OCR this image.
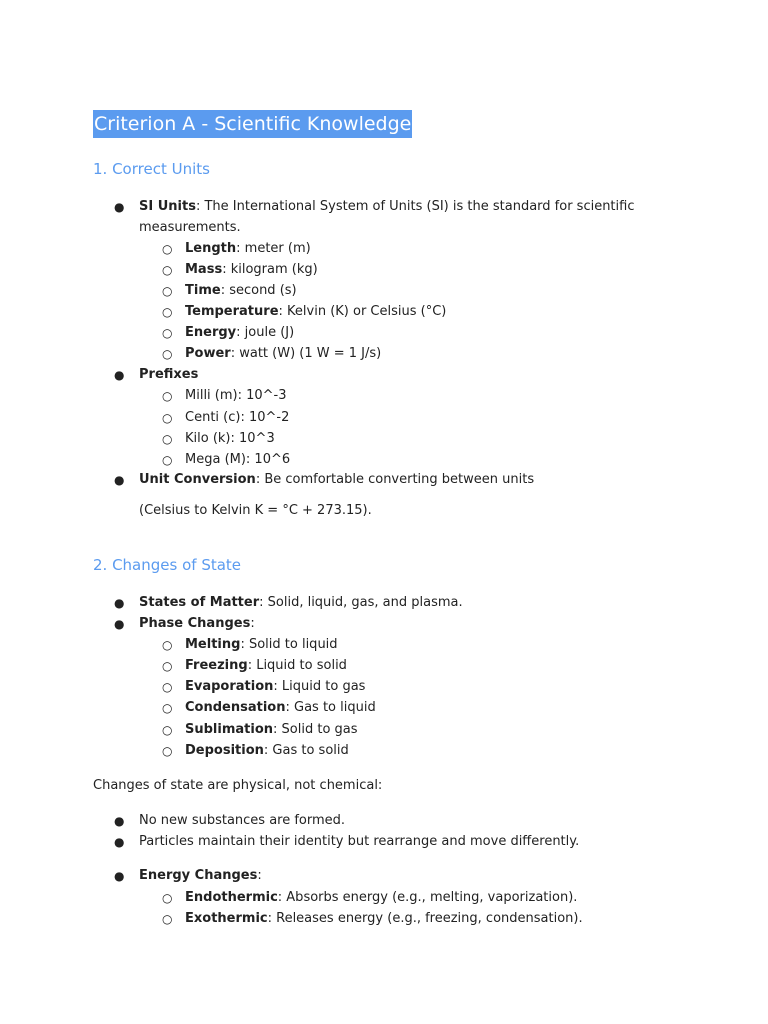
Criterion A - Scientific Knowledge
1. Correct Units
● SI Units: The International System of Units (SI) is the standard for scientific
measurements.
○ Length: meter (m)
○ Mass: kilogram (kg)
○ Time: second (s)
○ Temperature: Kelvin (K) or Celsius (°C)
○ Energy: joule (J)
○ Power: watt (W) (1 W = 1 J/s)
● Prefixes
○ Milli (m): 10^-3
○ Centi (c): 10^-2
○ Kilo (k): 10^3
○ Mega (M): 10^6
● Unit Conversion: Be comfortable converting between units
(Celsius to Kelvin K = °C + 273.15).
2. Changes of State
● States of Matter: Solid, liquid, gas, and plasma.
● Phase Changes:
○ Melting: Solid to liquid
○ Freezing: Liquid to solid
○ Evaporation: Liquid to gas
○ Condensation: Gas to liquid
○ Sublimation: Solid to gas
○ Deposition: Gas to solid
Changes of state are physical, not chemical:
● No new substances are formed.
● Particles maintain their identity but rearrange and move differently.
● Energy Changes:
○ Endothermic: Absorbs energy (e.g., melting, vaporization).
○ Exothermic: Releases energy (e.g., freezing, condensation).
